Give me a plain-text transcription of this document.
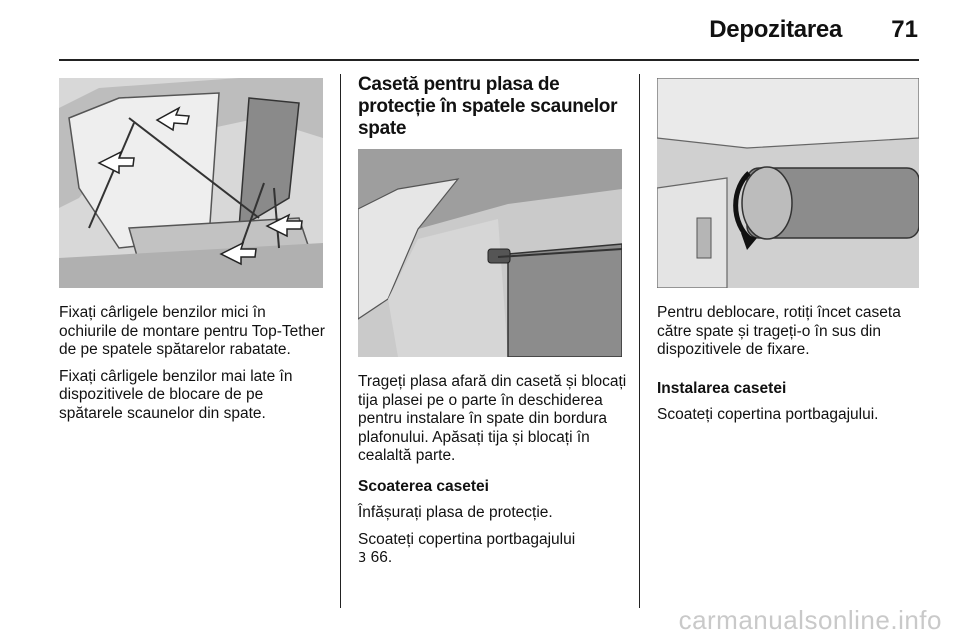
Depozitarea 71

Fixați cârligele benzilor mici în ochiurile de montare pentru Top-Tether de pe spatele spătarelor rabatate.

Fixați cârligele benzilor mai late în dispozitivele de blocare de pe spătarele scaunelor din spate.

Casetă pentru plasa de protecție în spatele scaunelor spate

Trageți plasa afară din casetă și blocați tija plasei pe o parte în deschiderea pentru instalare în spate din bordura plafonului. Apăsați tija și blocați în cealaltă parte.

Scoaterea casetei

Înfășurați plasa de protecție.

Scoateți copertina portbagajului
3 66.

Pentru deblocare, rotiți încet caseta către spate și trageți-o în sus din dispozitivele de fixare.

Instalarea casetei

Scoateți copertina portbagajului.

carmanualsonline.info
